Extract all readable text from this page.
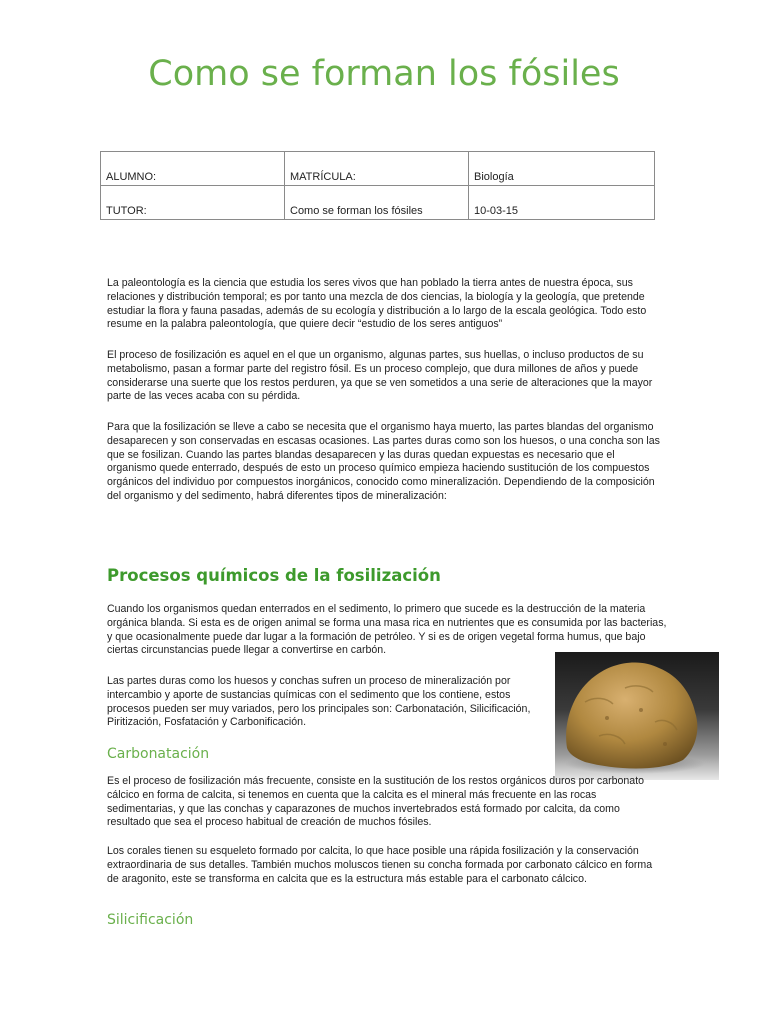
Como se forman los fósiles
ALUMNO:	MATRÍCULA:	Biología
TUTOR:	Como se forman los fósiles	10-03-15

La paleontología es la ciencia que estudia los seres vivos que han poblado la tierra antes de nuestra época, sus relaciones y distribución temporal; es por tanto una mezcla de dos ciencias, la biología y la geología, que pretende estudiar la flora y fauna pasadas, además de su ecología y distribución a lo largo de la escala geológica. Todo esto resume en la palabra paleontología, que quiere decir “estudio de los seres antiguos”

El proceso de fosilización es aquel en el que un organismo, algunas partes, sus huellas, o incluso productos de su metabolismo, pasan a formar parte del registro fósil. Es un proceso complejo, que dura millones de años y puede considerarse una suerte que los restos perduren, ya que se ven sometidos a una serie de alteraciones que la mayor parte de las veces acaba con su pérdida.

Para que la fosilización se lleve a cabo se necesita que el organismo haya muerto, las partes blandas del organismo desaparecen y son conservadas en escasas ocasiones. Las partes duras como son los huesos, o una concha son las que se fosilizan. Cuando las partes blandas desaparecen y las duras quedan expuestas es necesario que el organismo quede enterrado, después de esto un proceso químico empieza haciendo sustitución de los compuestos orgánicos del individuo por compuestos inorgánicos, conocido como mineralización. Dependiendo de la composición del organismo y del sedimento, habrá diferentes tipos de mineralización:

Procesos químicos de la fosilización

Cuando los organismos quedan enterrados en el sedimento, lo primero que sucede es la destrucción de la materia orgánica blanda. Si esta es de origen animal se forma una masa rica en nutrientes que es consumida por las bacterias, y que ocasionalmente puede dar lugar a la formación de petróleo. Y si es de origen vegetal forma humus, que bajo ciertas circunstancias puede llegar a convertirse en carbón.

Las partes duras como los huesos y conchas sufren un proceso de mineralización por intercambio y aporte de sustancias químicas con el sedimento que los contiene, estos procesos pueden ser muy variados, pero los principales son: Carbonatación, Silicificación, Piritización, Fosfatación y Carbonificación.

Carbonatación

Es el proceso de fosilización más frecuente, consiste en la sustitución de los restos orgánicos duros por carbonato cálcico en forma de calcita, si tenemos en cuenta que la calcita es el mineral más frecuente en las rocas sedimentarias, y que las conchas y caparazones de muchos invertebrados está formado por calcita, da como resultado que sea el proceso habitual de creación de muchos fósiles.

Los corales tienen su esqueleto formado por calcita, lo que hace posible una rápida fosilización y la conservación extraordinaria de sus detalles. También muchos moluscos tienen su concha formada por carbonato cálcico en forma de aragonito, este se transforma en calcita que es la estructura más estable para el carbonato cálcico.

Silicificación
